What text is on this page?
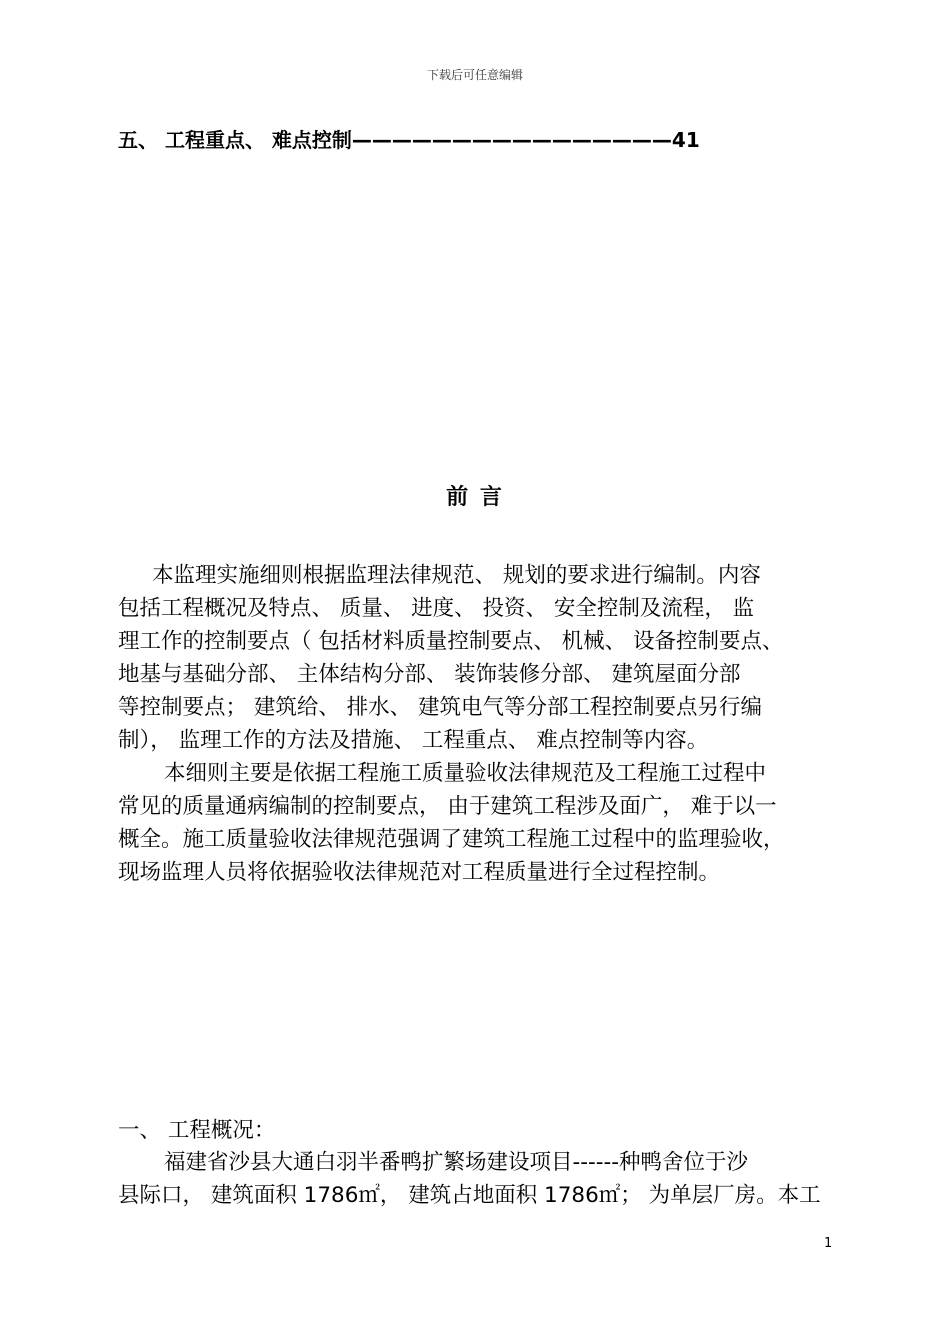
下载后可任意编辑
五、 工程重点、 难点控制————————————————41
前 言
本监理实施细则根据监理法律规范、 规划的要求进行编制。内容
包括工程概况及特点、 质量、 进度、 投资、 安全控制及流程， 监
理工作的控制要点（ 包括材料质量控制要点、 机械、 设备控制要点、
地基与基础分部、 主体结构分部、 装饰装修分部、 建筑屋面分部
等控制要点； 建筑给、 排水、 建筑电气等分部工程控制要点另行编
制）， 监理工作的方法及措施、 工程重点、 难点控制等内容。
本细则主要是依据工程施工质量验收法律规范及工程施工过程中
常见的质量通病编制的控制要点， 由于建筑工程涉及面广， 难于以一
概全。施工质量验收法律规范强调了建筑工程施工过程中的监理验收，
现场监理人员将依据验收法律规范对工程质量进行全过程控制。
一、 工程概况：
福建省沙县大通白羽半番鸭扩繁场建设项目------种鸭舍位于沙
县际口， 建筑面积 1786㎡， 建筑占地面积 1786㎡； 为单层厂房。本工
1
